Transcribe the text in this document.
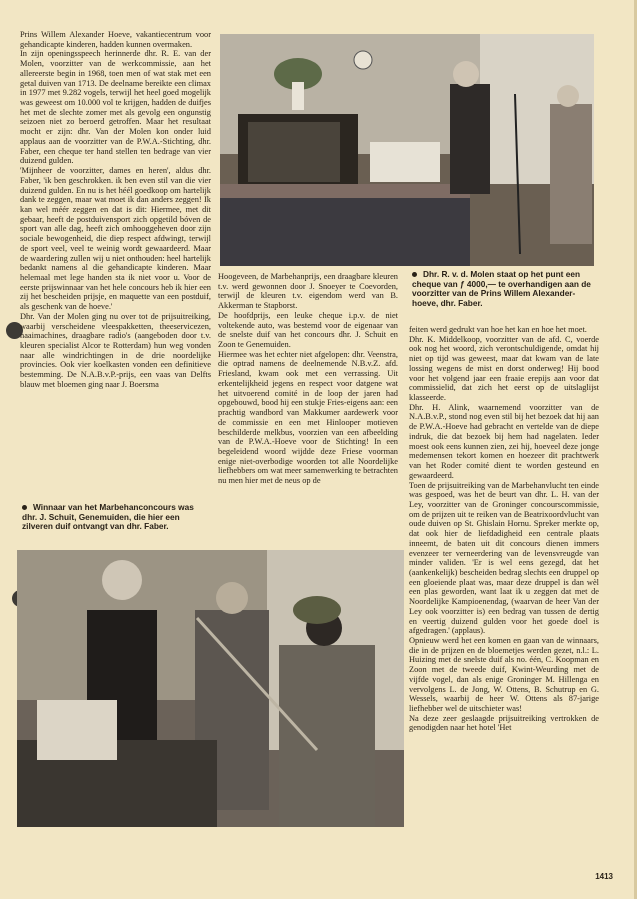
Prins Willem Alexander Hoeve, vakantiecentrum voor gehandicapte kinderen, hadden kunnen overmaken.

In zijn openingsspeech herinnerde dhr. R. E. van der Molen, voorzitter van de werkcommissie, aan het allereerste begin in 1968, toen men of wat stak met een getal duiven van 1713. De deelname bereikte een climax in 1977 met 9.282 vogels, terwijl het heel goed mogelijk was geweest om 10.000 vol te krijgen, hadden de duifjes het met de slechte zomer met als gevolg een ongunstig seizoen niet zo beroerd getroffen. Maar het resultaat mocht er zijn: dhr. Van der Molen kon onder luid applaus aan de voorzitter van de P.W.A.-Stichting, dhr. Faber, een cheque ter hand stellen ten bedrage van vier duizend gulden.

'Mijnheer de voorzitter, dames en heren', aldus dhr. Faber, 'ik ben geschrokken. ik ben even stil van die vier duizend gulden. En nu is het héél goedkoop om hartelijk dank te zeggen, maar wat moet ik dan anders zeggen! Ik kan wel méér zeggen en dat is dit: Hiermee, met dit gebaar, heeft de postduivensport zich opgetild bóven de sport van alle dag, heeft zich omhooggeheven door zijn sociale bewogenheid, die diep respect afdwingt, terwijl de sport veel, veel te weinig wordt gewaardeerd. Maar de waardering zullen wij u niet onthouden: heel hartelijk bedankt namens al die gehandicapte kinderen. Maar helemaal met lege handen sta ik niet voor u. Voor de eerste prijswinnaar van het hele concours heb ik hier een zij het bescheiden prijsje, en maquette van een postduif, als geschenk van de hoeve.'

Dhr. Van der Molen ging nu over tot de prijsuitreiking, waarbij verscheidene vleespakketten, theeservicezen, naaimachines, draagbare radio's (aangeboden door t.v. kleuren specialist Alcor te Rotterdam) hun weg vonden naar alle windrichtingen in de drie noordelijke provincies. Ook vier koelkasten vonden een definitieve bestemming. De N.A.B.v.P.-prijs, een vaas van Delfts blauw met bloemen ging naar J. Boersma

Winnaar van het Marbehanconcours was dhr. J. Schuit, Genemuiden, die hier een zilveren duif ontvangt van dhr. Faber.
Dhr. R. v. d. Molen staat op het punt een cheque van ƒ 4000,— te overhandigen aan de voorzitter van de Prins Willem Alexander-hoeve, dhr. Faber.

Hoogeveen, de Marbehanprijs, een draagbare kleuren t.v. werd gewonnen door J. Snoeyer te Coevorden, terwijl de kleuren t.v. eigendom werd van B. Akkerman te Stapborst.

De hoofdprijs, een leuke cheque i.p.v. de niet voltekende auto, was bestemd voor de eigenaar van de snelste duif van het concours dhr. J. Schuit en Zoon te Genemuiden.

Hiermee was het echter niet afgelopen: dhr. Veenstra, die optrad namens de deelnemende N.B.v.Z. afd. Friesland, kwam ook met een verrassing. Uit erkentelijkheid jegens en respect voor datgene wat het uitvoerend comité in de loop der jaren had opgebouwd, bood hij een stukje Fries-eigens aan: een prachtig wandbord van Makkumer aardewerk voor de commissie en een met Hinlooper motieven beschilderde melkbus, voorzien van een afbeelding van de P.W.A.-Hoeve voor de Stichting! In een begeleidend woord wijdde deze Friese voorman enige niet-overbodige woorden tot alle Noordelijke liefhebbers om wat meer samenwerking te betrachten nu men hier met de neus op de

feiten werd gedrukt van hoe het kan en hoe het moet.

Dhr. K. Middelkoop, voorzitter van de afd. C, voerde ook nog het woord, zich verontschuldigende, omdat hij niet op tijd was geweest, maar dat kwam van de late lossing wegens de mist en dorst onderweg! Hij bood voor het volgend jaar een fraaie erepijs aan voor dat commissielid, dat zich het eerst op de uitslaglijst klasseerde.

Dhr. H. Alink, waarnemend voorzitter van de N.A.B.v.P., stond nog even stil bij het bezoek dat hij aan de P.W.A.-Hoeve had gebracht en vertelde van de diepe indruk, die dat bezoek bij hem had nagelaten. Ieder moest ook eens kunnen zien, zei hij, hoeveel deze jonge medemensen tekort komen en hoezeer dit prachtwerk van het Roder comité dient te worden gesteund en gewaardeerd.

Toen de prijsuitreiking van de Marbehanvlucht ten einde was gespoed, was het de beurt van dhr. L. H. van der Ley, voorzitter van de Groninger concourscommissie, om de prijzen uit te reiken van de Beatrixoordvlucht van oude duiven op St. Ghislain Hornu. Spreker merkte op, dat ook hier de liefdadigheid een centrale plaats inneemt, de baten uit dit concours dienen immers evenzeer ter verneerdering van de levensvreugde van minder validen. 'Er is wel eens gezegd, dat het (aankenkelijk) bescheiden bedrag slechts een druppel op een gloeiende plaat was, maar deze druppel is dan wèl een plas geworden, want laat ik u zeggen dat met de Noordelijke Kampioenendag, (waarvan de heer Van der Ley ook voorzitter is) een bedrag van tussen de dertig en veertig duizend gulden voor het goede doel is afgedragen.' (applaus).

Opnieuw werd het een komen en gaan van de winnaars, die in de prijzen en de bloemetjes werden gezet, n.l.: L. Huizing met de snelste duif als no. één, C. Koopman en Zoon met de tweede duif, Kwint-Weurding met de vijfde vogel, dan als enige Groninger M. Hillenga en vervolgens L. de Jong, W. Ottens, B. Schutrup en G. Wessels, waarbij de heer W. Ottens als 87-jarige liefhebber wel de uitschieter was!

Na deze zeer geslaagde prijsuitreiking vertrokken de genodigden naar het hotel 'Het

1413
